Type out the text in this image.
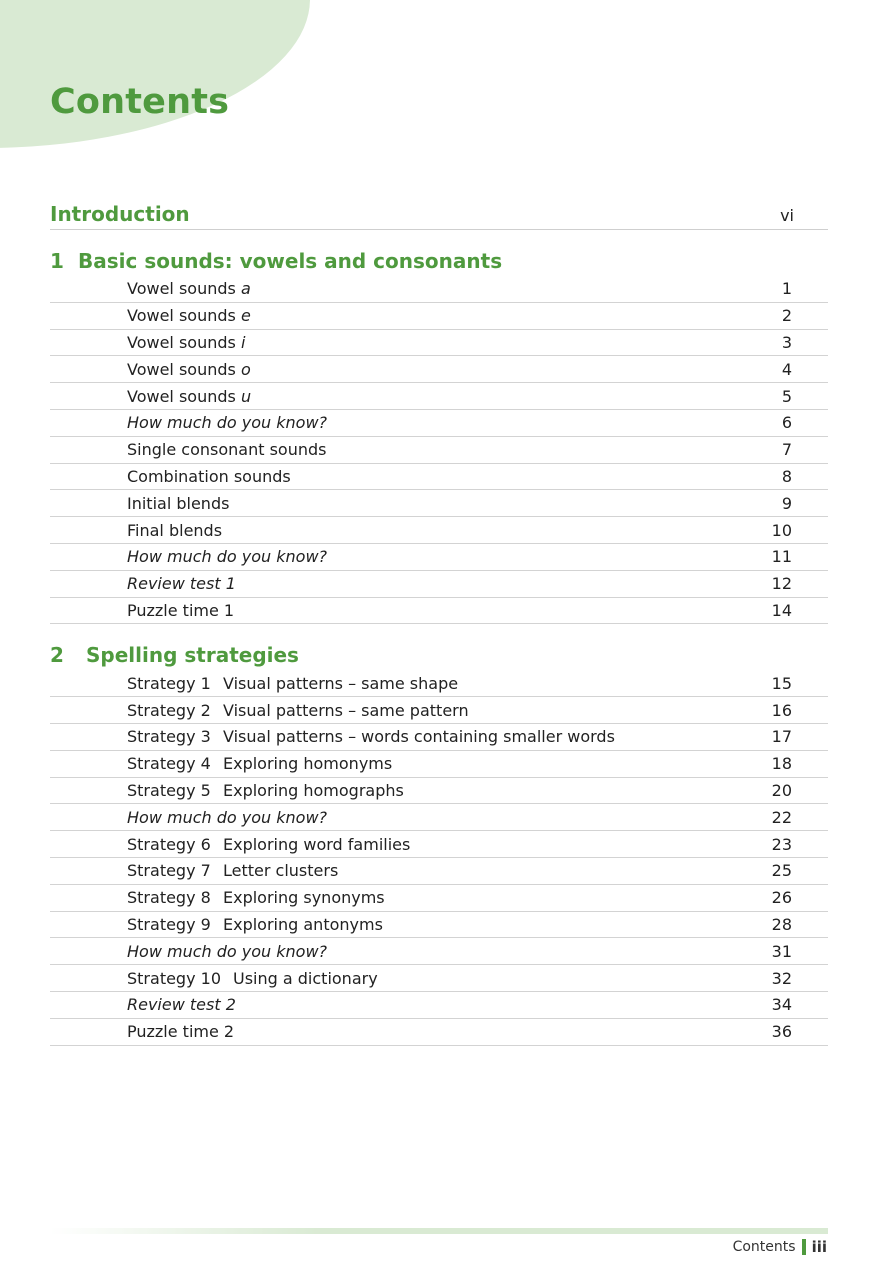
Contents
Introduction	vi
1 Basic sounds: vowels and consonants
Vowel sounds a	1
Vowel sounds e	2
Vowel sounds i	3
Vowel sounds o	4
Vowel sounds u	5
How much do you know?	6
Single consonant sounds	7
Combination sounds	8
Initial blends	9
Final blends	10
How much do you know?	11
Review test 1	12
Puzzle time 1	14
2	Spelling strategies
Strategy 1 Visual patterns – same shape	15
Strategy 2 Visual patterns – same pattern	16
Strategy 3 Visual patterns – words containing smaller words	17
Strategy 4 Exploring homonyms	18
Strategy 5 Exploring homographs	20
How much do you know?	22
Strategy 6 Exploring word families	23
Strategy 7 Letter clusters	25
Strategy 8 Exploring synonyms	26
Strategy 9 Exploring antonyms	28
How much do you know?	31
Strategy 10 Using a dictionary	32
Review test 2	34
Puzzle time 2	36
Contents iii
